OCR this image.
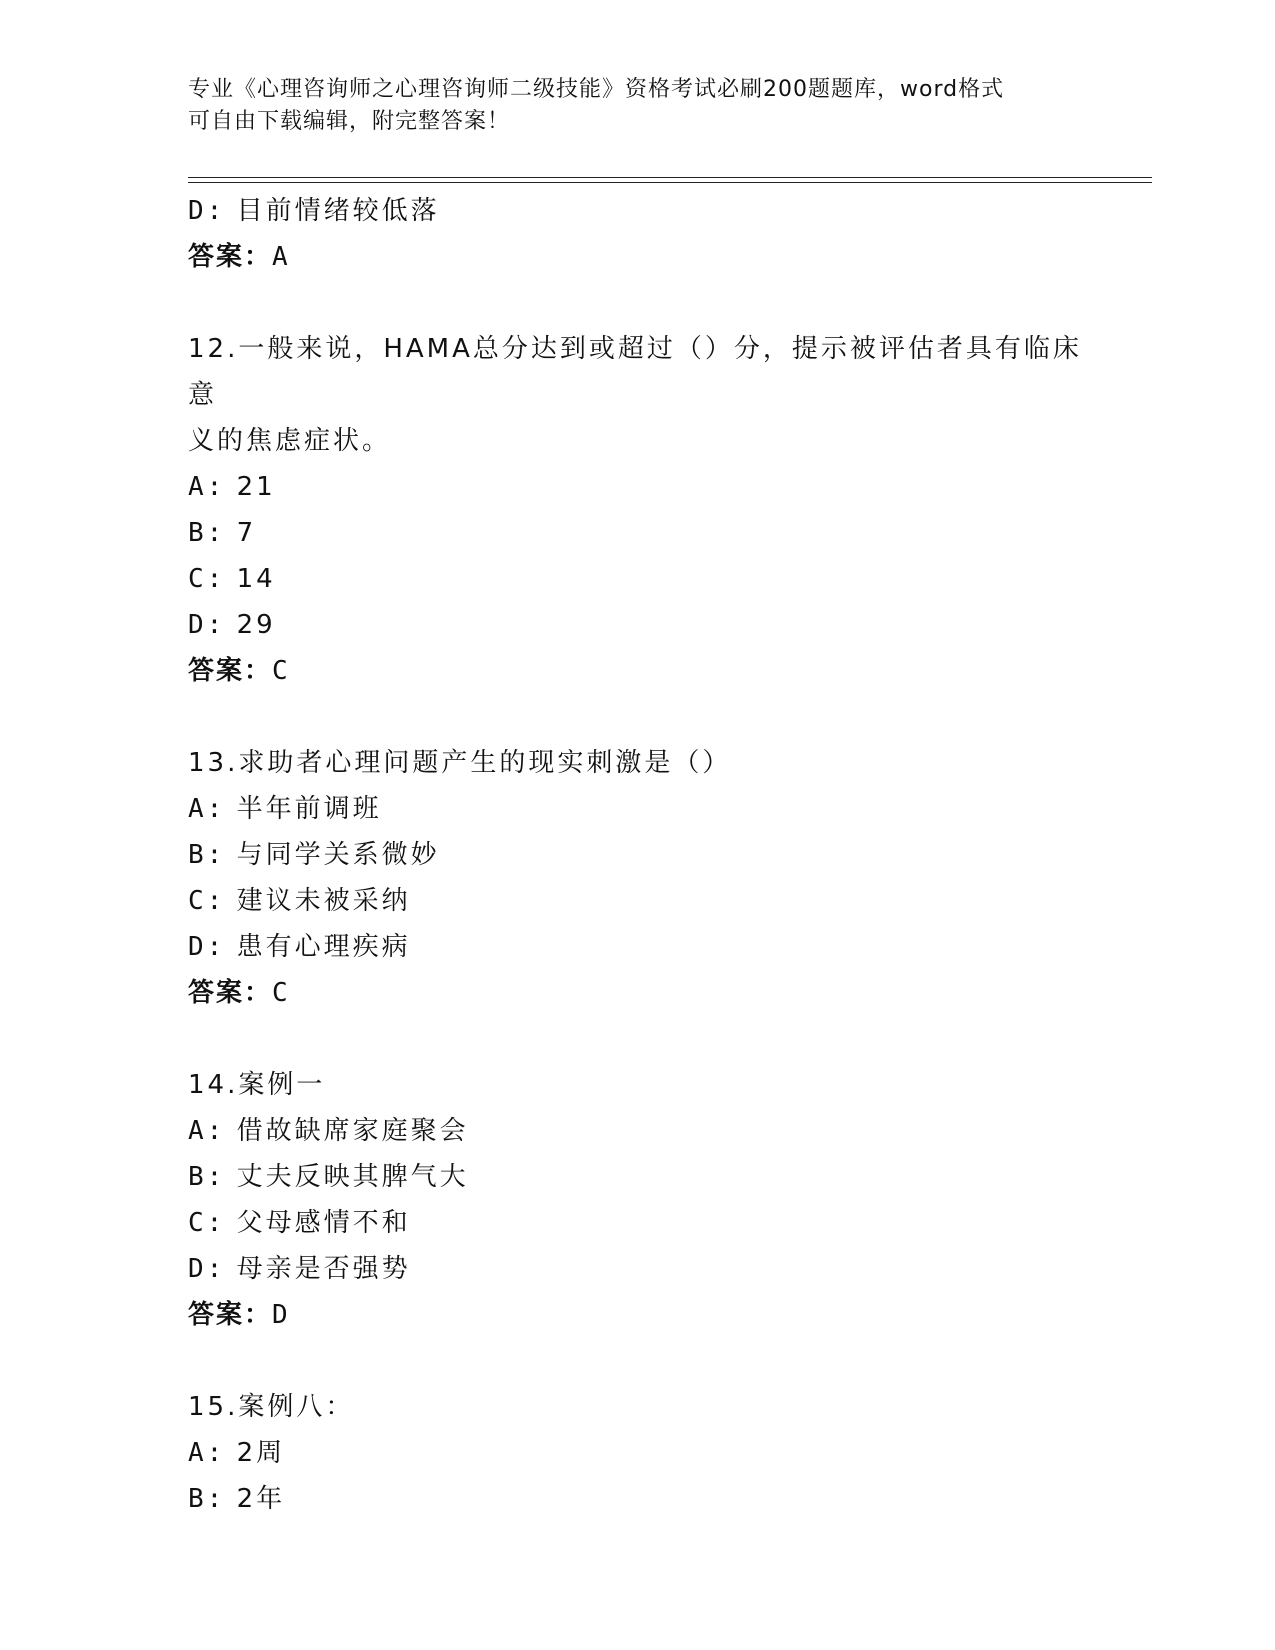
专业《心理咨询师之心理咨询师二级技能》资格考试必刷200题题库，word格式
可自由下载编辑，附完整答案！
D: 目前情绪较低落
答案：A
12.一般来说，HAMA总分达到或超过（）分，提示被评估者具有临床意
义的焦虑症状。
A: 21
B: 7
C: 14
D: 29
答案：C
13.求助者心理问题产生的现实刺激是（）
A: 半年前调班
B: 与同学关系微妙
C: 建议未被采纳
D: 患有心理疾病
答案：C
14.案例一
A: 借故缺席家庭聚会
B: 丈夫反映其脾气大
C: 父母感情不和
D: 母亲是否强势
答案：D
15.案例八：
A: 2周
B: 2年
